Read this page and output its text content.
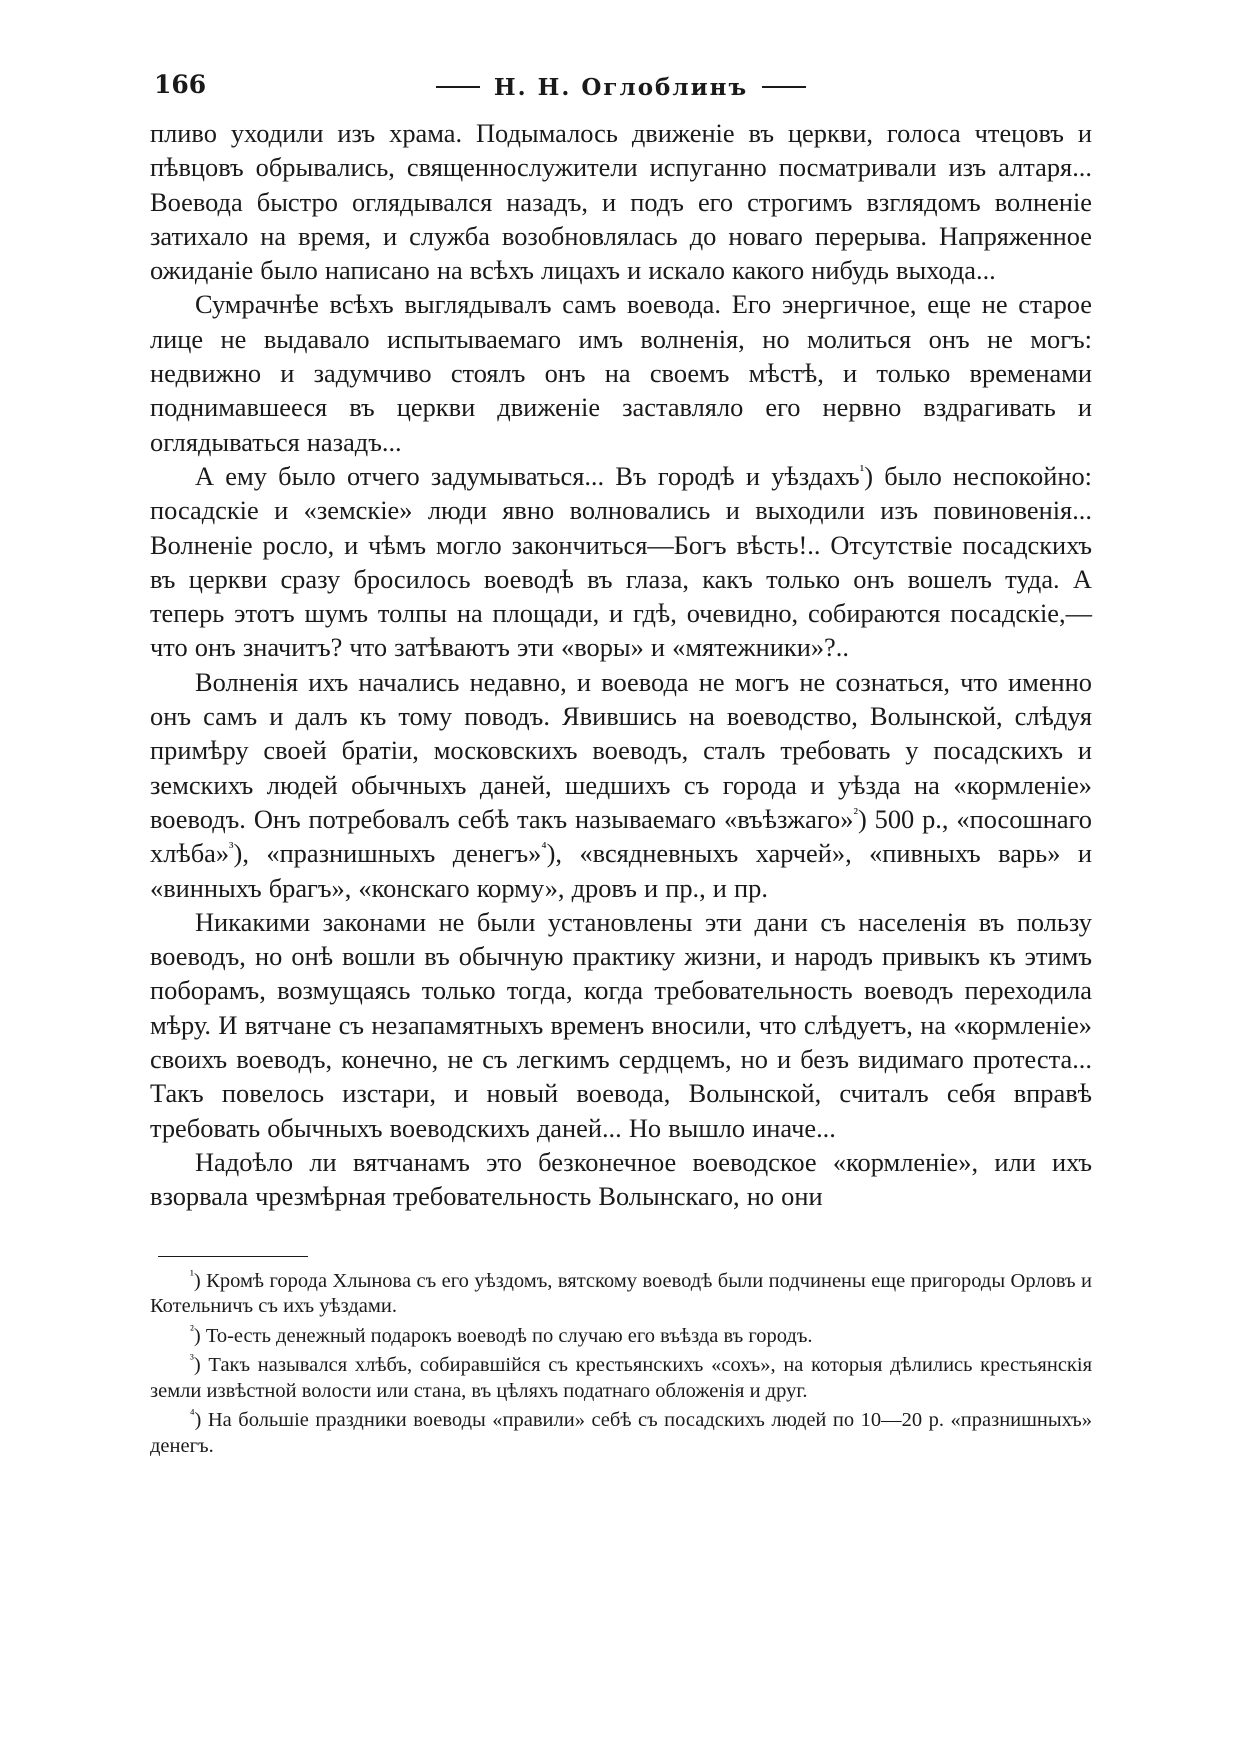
166	Н. Н. Оглоблинъ

пливо уходили изъ храма. Подымалось движеніе въ церкви, голоса чтецовъ и пѣвцовъ обрывались, священнослужители испуганно посматривали изъ алтаря... Воевода быстро оглядывался назадъ, и подъ его строгимъ взглядомъ волненіе затихало на время, и служба возобновлялась до новаго перерыва. Напряженное ожиданіе было написано на всѣхъ лицахъ и искало какого нибудь выхода...

Сумрачнѣе всѣхъ выглядывалъ самъ воевода. Его энергичное, еще не старое лице не выдавало испытываемаго имъ волненія, но молиться онъ не могъ: недвижно и задумчиво стоялъ онъ на своемъ мѣстѣ, и только временами поднимавшееся въ церкви движеніе заставляло его нервно вздрагивать и оглядываться назадъ...

А ему было отчего задумываться... Въ городѣ и уѣздахъ$^{^1}$) было неспокойно: посадскіе и «земскіе» люди явно волновались и выходили изъ повиновенія... Волненіе росло, и чѣмъ могло закончиться—Богъ вѣсть!.. Отсутствіе посадскихъ въ церкви сразу бросилось воеводѣ въ глаза, какъ только онъ вошелъ туда. А теперь этотъ шумъ толпы на площади, и гдѣ, очевидно, собираются посадскіе,—что онъ значитъ? что затѣваютъ эти «воры» и «мятежники»?..

Волненія ихъ начались недавно, и воевода не могъ не сознаться, что именно онъ самъ и далъ къ тому поводъ. Явившись на воеводство, Волынской, слѣдуя примѣру своей братіи, московскихъ воеводъ, сталъ требовать у посадскихъ и земскихъ людей обычныхъ даней, шедшихъ съ города и уѣзда на «кормленіе» воеводъ. Онъ потребовалъ себѣ такъ называемаго «въѣзжаго»$^{^2}$) 500 р., «посошнаго хлѣба»$^{^3}$), «празнишныхъ денегъ»$^{^4}$), «всядневныхъ харчей», «пивныхъ варь» и «винныхъ брагъ», «конскаго корму», дровъ и пр., и пр.

Никакими законами не были установлены эти дани съ населенія въ пользу воеводъ, но онѣ вошли въ обычную практику жизни, и народъ привыкъ къ этимъ поборамъ, возмущаясь только тогда, когда требовательность воеводъ переходила мѣру. И вятчане съ незапамятныхъ временъ вносили, что слѣдуетъ, на «кормленіе» своихъ воеводъ, конечно, не съ легкимъ сердцемъ, но и безъ видимаго протеста... Такъ повелось изстари, и новый воевода, Волынской, считалъ себя вправѣ требовать обычныхъ воеводскихъ даней... Но вышло иначе...

Надоѣло ли вятчанамъ это безконечное воеводское «кормленіе», или ихъ взорвала чрезмѣрная требовательность Волынскаго, но они

$^{^1}$) Кромѣ города Хлынова съ его уѣздомъ, вятскому воеводѣ были подчинены еще пригороды Орловъ и Котельничъ съ ихъ уѣздами.

$^{^2}$) То-есть денежный подарокъ воеводѣ по случаю его въѣзда въ городъ.

$^{^3}$) Такъ назывался хлѣбъ, собиравшійся съ крестьянскихъ «сохъ», на которыя дѣлились крестьянскія земли извѣстной волости или стана, въ цѣляхъ податнаго обложенія и друг.

$^{^4}$) На большіе праздники воеводы «правили» себѣ съ посадскихъ людей по 10—20 р. «празнишныхъ» денегъ.
